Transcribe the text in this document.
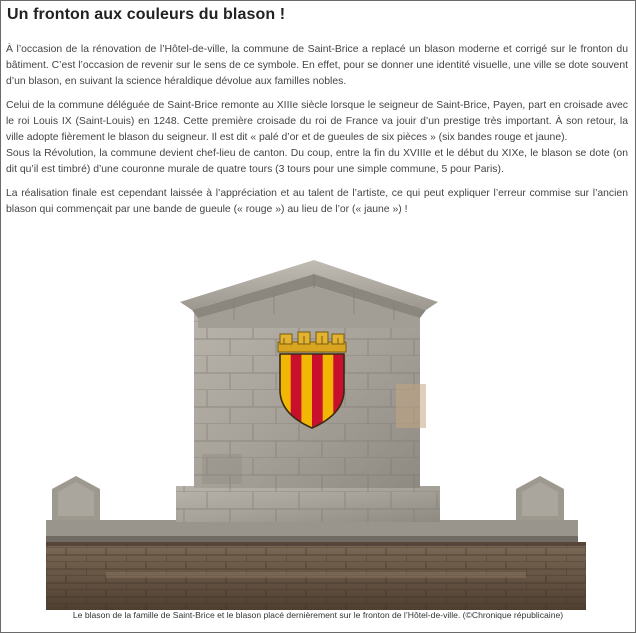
Un fronton aux couleurs du blason !

À l’occasion de la rénovation de l’Hôtel-de-ville, la commune de Saint-Brice a replacé un blason moderne et corrigé sur le fronton du bâtiment. C’est l’occasion de revenir sur le sens de ce symbole. En effet, pour se donner une identité visuelle, une ville se dote souvent d’un blason, en suivant la science héraldique dévolue aux familles nobles.

Celui de la commune déléguée de Saint-Brice remonte au XIIIe siècle lorsque le seigneur de Saint-Brice, Payen, part en croisade avec le roi Louis IX (Saint-Louis) en 1248. Cette première croisade du roi de France va jouir d’un prestige très important. À son retour, la ville adopte fièrement le blason du seigneur. Il est dit « palé d’or et de gueules de six pièces » (six bandes rouge et jaune).

Sous la Révolution, la commune devient chef-lieu de canton. Du coup, entre la fin du XVIIIe et le début du XIXe, le blason se dote (on dit qu’il est timbré) d’une couronne murale de quatre tours (3 tours pour une simple commune, 5 pour Paris).

La réalisation finale est cependant laissée à l’appréciation et au talent de l’artiste, ce qui peut expliquer l’erreur commise sur l’ancien blason qui commençait par une bande de gueule (« rouge ») au lieu de l’or (« jaune ») !

Le blason de la famille de Saint-Brice et le blason placé dernièrement sur le fronton de l’Hôtel-de-ville. (©Chronique républicaine)
